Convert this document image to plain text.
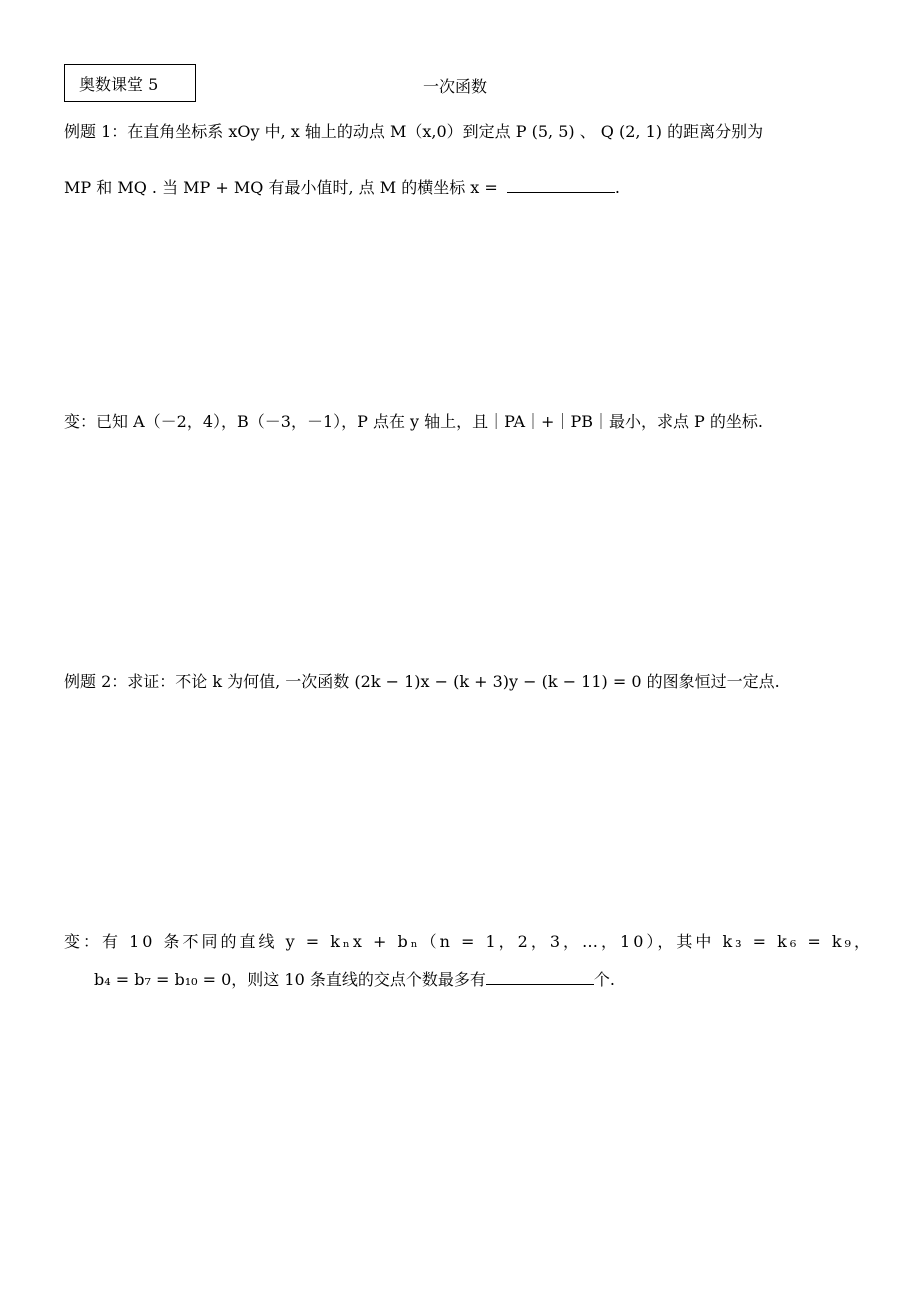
奥数课堂 5	一次函数
例题 1：在直角坐标系 xOy 中, x 轴上的动点 M（x,0）到定点 P (5, 5) 、 Q (2, 1) 的距离分别为
MP 和 MQ . 当 MP + MQ 有最小值时, 点 M 的横坐标 x =	.
变：已知 A（－2，4），B（－3，－1），P 点在 y 轴上，且｜PA｜+｜PB｜最小，求点 P 的坐标.
例题 2：求证：不论 k 为何值, 一次函数 (2k − 1)x − (k + 3)y − (k − 11) = 0 的图象恒过一定点.
变：有 10 条不同的直线 y = kₙx + bₙ（n = 1，2，3，…，10），其中 k₃ = k₆ = k₉，
b₄ = b₇ = b₁₀ = 0，则这 10 条直线的交点个数最多有	个.
